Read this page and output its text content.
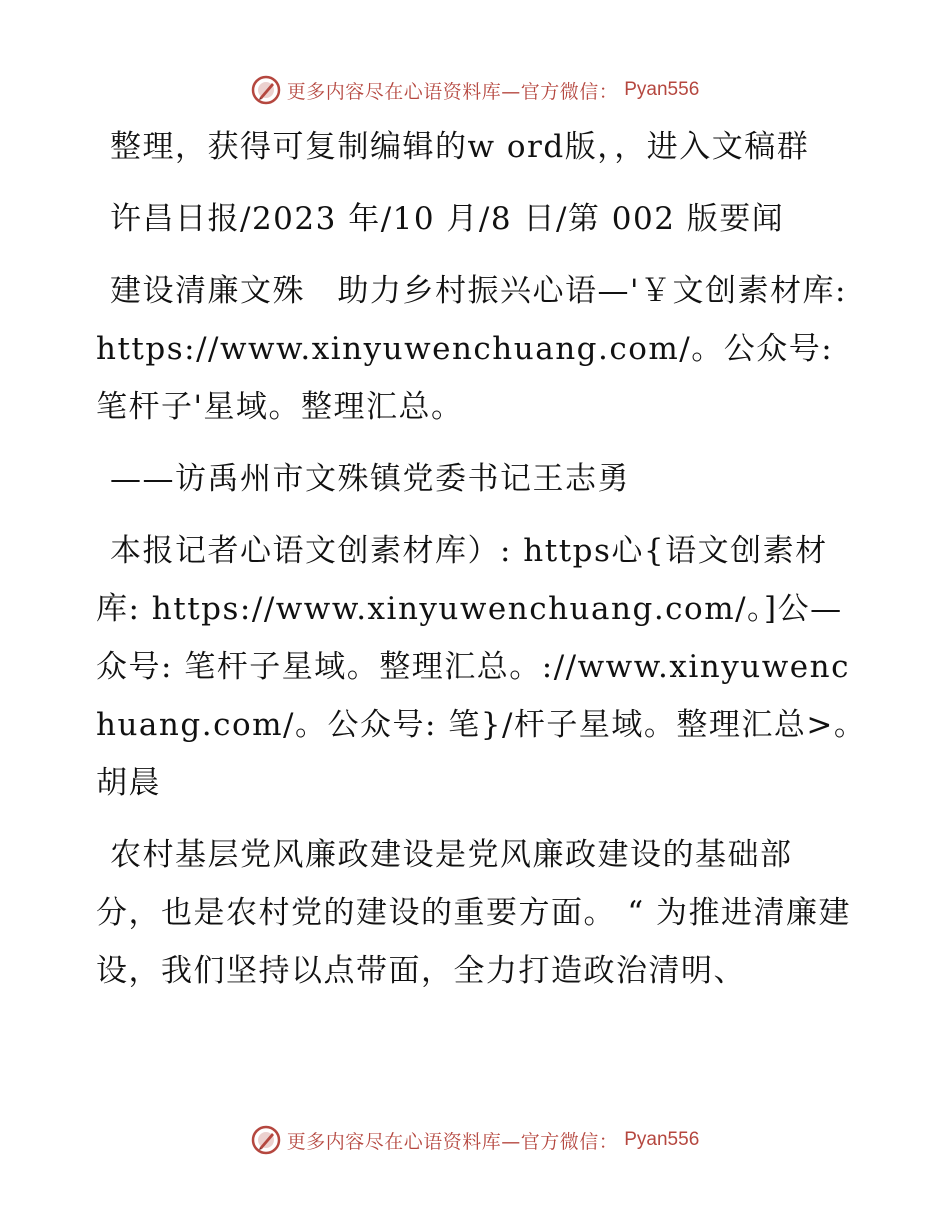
更多内容尽在心语资料库—官方微信： Pyan556

整理，获得可复制编辑的w ord版，，进入文稿群

许昌日报/2023 年/10 月/8 日/第 002 版要闻

建设清廉文殊　助力乡村振兴心语—'￥文创素材库: https://www.xinyuwenchuang.com/。公众号: 笔杆子'星域。整理汇总。

——访禹州市文殊镇党委书记王志勇

本报记者心语文创素材库）: https心{语文创素材库: https://www.xinyuwenchuang.com/。]公—众号: 笔杆子星域。整理汇总。://www.xinyuwenchuang.com/。公众号: 笔}/杆子星域。整理汇总>。　胡晨

农村基层党风廉政建设是党风廉政建设的基础部分，也是农村党的建设的重要方面。 “ 为推进清廉建设，我们坚持以点带面，全力打造政治清明、

更多内容尽在心语资料库—官方微信： Pyan556
